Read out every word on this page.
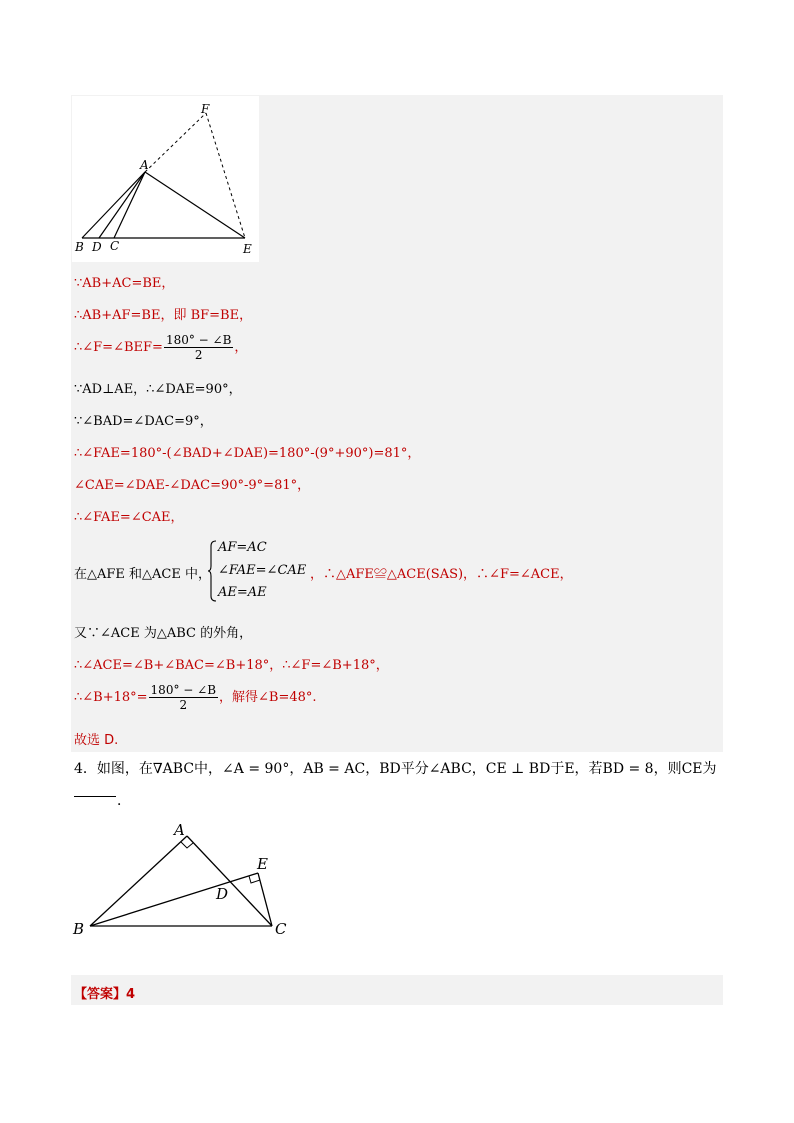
F
A
B D C	E
∵AB+AC=BE，
∴AB+AF=BE，即 BF=BE，
∴∠F=∠BEF= $\frac{180^\circ - \angle B}{2}$ ，
∵AD⊥AE，∴∠DAE=90°，
∵∠BAD=∠DAC=9°，
∴∠FAE=180°-(∠BAD+∠DAE)=180°-(9°+90°)=81°，
∠CAE=∠DAE-∠DAC=90°-9°=81°，
∴∠FAE=∠CAE，
在△AFE 和△ACE 中，
AF=AC
∠FAE=∠CAE
AE=AE
，∴△AFE≌△ACE(SAS)，∴∠F=∠ACE，
又∵∠ACE 为△ABC 的外角，
∴∠ACE=∠B+∠BAC=∠B+18°，∴∠F=∠B+18°，
∴∠B+18°= $\frac{180^\circ - \angle B}{2}$ ，解得∠B=48°.
故选 D.
4．如图，在∇ABC中，∠A = 90°，AB = AC，BD平分∠ABC，CE ⊥ BD于E，若BD = 8，则CE为
．
A
B	C
D
E
【答案】4
